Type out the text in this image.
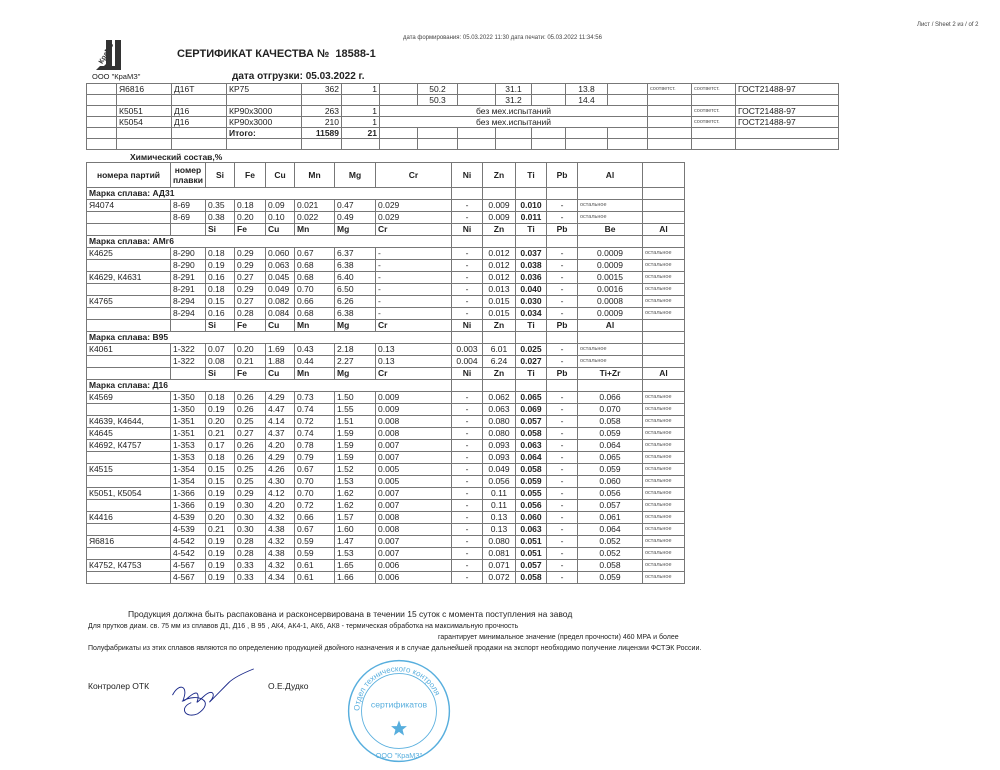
Лист / Sheet 2 из / of 2
дата формирования: 05.03.2022 11:30 дата печати: 05.03.2022 11:34:56
КраМЗ
ООО "КраМЗ"
СЕРТИФИКАТ КАЧЕСТВА № 18588-1
дата отгрузки: 05.03.2022 г.
	Я6816	Д16Т	КР75	362	1		50.2		31.1		13.8		соответст.	соответст.	ГОСТ21488-97
							50.3		31.2		14.4				
	К5051	Д16	КР90х3000	263	1	без мех.испытаний								соответст.	ГОСТ21488-97
	К5054	Д16	КР90х3000	210	1	без мех.испытаний								соответст.	ГОСТ21488-97
			Итого:	11589	21										

Химический состав,%
номера партий	номер плавки	Si	Fe	Cu	Mn	Mg	Cr	Ni	Zn	Ti	Pb	Al	
Марка сплава: АД31													
Я4074	8-69	0.35	0.18	0.09	0.021	0.47	0.029	-	0.009	0.010	-	остальное	
	8-69	0.38	0.20	0.10	0.022	0.49	0.029	-	0.009	0.011	-	остальное	
		Si	Fe	Cu	Mn	Mg	Cr	Ni	Zn	Ti	Pb	Be	Al
Марка сплава: АМг6													
К4625	8-290	0.18	0.29	0.060	0.67	6.37	-	-	0.012	0.037	-	0.0009	остальное
	8-290	0.19	0.29	0.063	0.68	6.38	-	-	0.012	0.038	-	0.0009	остальное
К4629, К4631	8-291	0.16	0.27	0.045	0.68	6.40	-	-	0.012	0.036	-	0.0015	остальное
	8-291	0.18	0.29	0.049	0.70	6.50	-	-	0.013	0.040	-	0.0016	остальное
К4765	8-294	0.15	0.27	0.082	0.66	6.26	-	-	0.015	0.030	-	0.0008	остальное
	8-294	0.16	0.28	0.084	0.68	6.38	-	-	0.015	0.034	-	0.0009	остальное
		Si	Fe	Cu	Mn	Mg	Cr	Ni	Zn	Ti	Pb	Al	
Марка сплава: В95													
К4061	1-322	0.07	0.20	1.69	0.43	2.18	0.13	0.003	6.01	0.025	-	остальное	
	1-322	0.08	0.21	1.88	0.44	2.27	0.13	0.004	6.24	0.027	-	остальное	
		Si	Fe	Cu	Mn	Mg	Cr	Ni	Zn	Ti	Pb	Ti+Zr	Al
Марка сплава: Д16													
К4569	1-350	0.18	0.26	4.29	0.73	1.50	0.009	-	0.062	0.065	-	0.066	остальное
	1-350	0.19	0.26	4.47	0.74	1.55	0.009	-	0.063	0.069	-	0.070	остальное
К4639, К4644,	1-351	0.20	0.25	4.14	0.72	1.51	0.008	-	0.080	0.057	-	0.058	остальное
К4645	1-351	0.21	0.27	4.37	0.74	1.59	0.008	-	0.080	0.058	-	0.059	остальное
К4692, К4757	1-353	0.17	0.26	4.20	0.78	1.59	0.007	-	0.093	0.063	-	0.064	остальное
	1-353	0.18	0.26	4.29	0.79	1.59	0.007	-	0.093	0.064	-	0.065	остальное
К4515	1-354	0.15	0.25	4.26	0.67	1.52	0.005	-	0.049	0.058	-	0.059	остальное
	1-354	0.15	0.25	4.30	0.70	1.53	0.005	-	0.056	0.059	-	0.060	остальное
К5051, К5054	1-366	0.19	0.29	4.12	0.70	1.62	0.007	-	0.11	0.055	-	0.056	остальное
	1-366	0.19	0.30	4.20	0.72	1.62	0.007	-	0.11	0.056	-	0.057	остальное
К4416	4-539	0.20	0.30	4.32	0.66	1.57	0.008	-	0.13	0.060	-	0.061	остальное
	4-539	0.21	0.30	4.38	0.67	1.60	0.008	-	0.13	0.063	-	0.064	остальное
Я6816	4-542	0.19	0.28	4.32	0.59	1.47	0.007	-	0.080	0.051	-	0.052	остальное
	4-542	0.19	0.28	4.38	0.59	1.53	0.007	-	0.081	0.051	-	0.052	остальное
К4752, К4753	4-567	0.19	0.33	4.32	0.61	1.65	0.006	-	0.071	0.057	-	0.058	остальное
	4-567	0.19	0.33	4.34	0.61	1.66	0.006	-	0.072	0.058	-	0.059	остальное
Продукция должна быть распакована и расконсервирована в течении 15 суток с момента поступления на завод
Для прутков диам. св. 75 мм из сплавов Д1, Д16 , В 95 , АК4, АК4-1, АК6, АК8 - термическая обработка на максимальную прочность
гарантирует минимальное значение (предел прочности) 460 МРА и более
Полуфабрикаты из этих сплавов являются по определению продукцией двойного назначения и в случае дальнейшей продажи на экспорт необходимо получение лицензии ФСТЭК России.
Контролер ОТК	О.Е.Дудко
Отдел технического контроля
сертификатов
ООО "КраМЗ"
